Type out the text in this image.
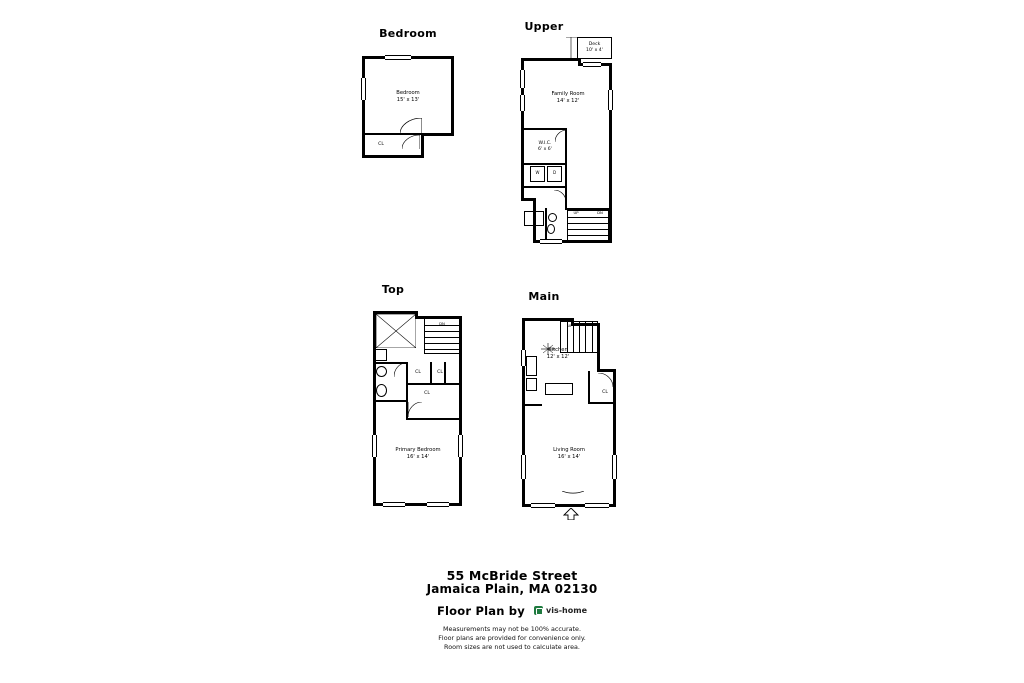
Bedroom
Bedroom
15' x 13'
CL
Upper
Deck
10' x 4'
W	D
UP	DN
Family Room
14' x 12'
W.I.C.
6' x 6'
Top
DN
CL	CL
CL
Primary Bedroom
16' x 14'
Main
UP
CL
Kitchen
12' x 12'
Living Room
16' x 14'
55 McBride Street
Jamaica Plain, MA 02130
Floor Plan by	vis-home
Measurements may not be 100% accurate.
Floor plans are provided for convenience only.
Room sizes are not used to calculate area.
